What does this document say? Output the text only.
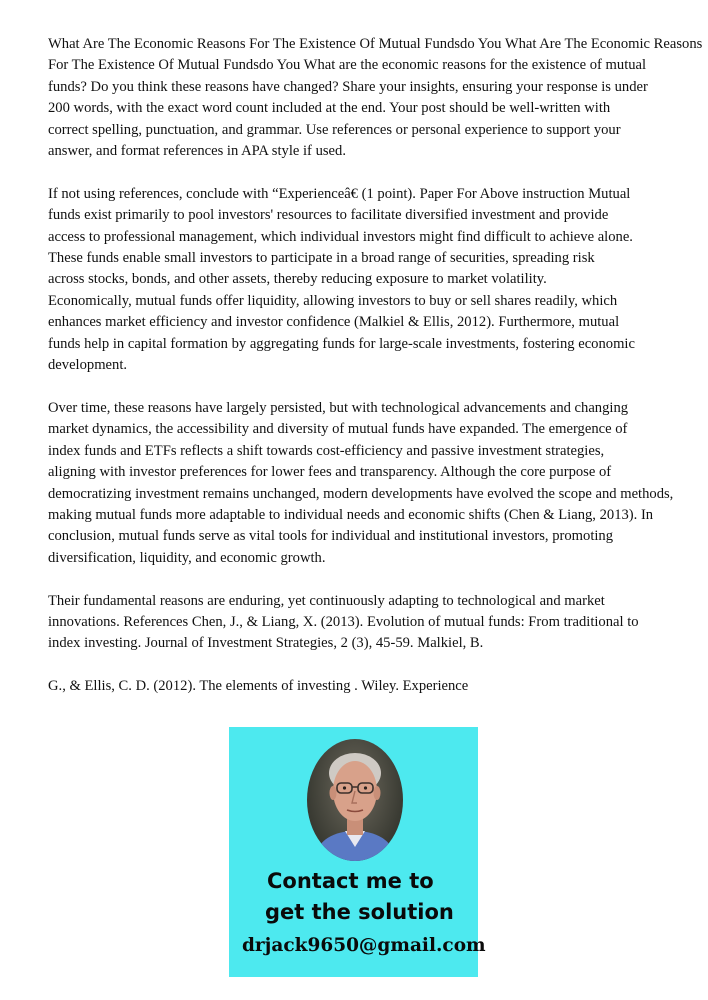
What Are The Economic Reasons For The Existence Of Mutual Fundsdo You What Are The Economic Reasons
For The Existence Of Mutual Fundsdo You What are the economic reasons for the existence of mutual
funds? Do you think these reasons have changed? Share your insights, ensuring your response is under
200 words, with the exact word count included at the end. Your post should be well-written with
correct spelling, punctuation, and grammar. Use references or personal experience to support your
answer, and format references in APA style if used.

If not using references, conclude with “Experienceâ€ (1 point). Paper For Above instruction Mutual
funds exist primarily to pool investors' resources to facilitate diversified investment and provide
access to professional management, which individual investors might find difficult to achieve alone.
These funds enable small investors to participate in a broad range of securities, spreading risk
across stocks, bonds, and other assets, thereby reducing exposure to market volatility.
Economically, mutual funds offer liquidity, allowing investors to buy or sell shares readily, which
enhances market efficiency and investor confidence (Malkiel & Ellis, 2012). Furthermore, mutual
funds help in capital formation by aggregating funds for large-scale investments, fostering economic
development.

Over time, these reasons have largely persisted, but with technological advancements and changing
market dynamics, the accessibility and diversity of mutual funds have expanded. The emergence of
index funds and ETFs reflects a shift towards cost-efficiency and passive investment strategies,
aligning with investor preferences for lower fees and transparency. Although the core purpose of
democratizing investment remains unchanged, modern developments have evolved the scope and methods,
making mutual funds more adaptable to individual needs and economic shifts (Chen & Liang, 2013). In
conclusion, mutual funds serve as vital tools for individual and institutional investors, promoting
diversification, liquidity, and economic growth.

Their fundamental reasons are enduring, yet continuously adapting to technological and market
innovations. References Chen, J., & Liang, X. (2013). Evolution of mutual funds: From traditional to
index investing. Journal of Investment Strategies, 2 (3), 45-59. Malkiel, B.

G., & Ellis, C. D. (2012). The elements of investing . Wiley. Experience

Contact me to
get the solution
drjack9650@gmail.com
